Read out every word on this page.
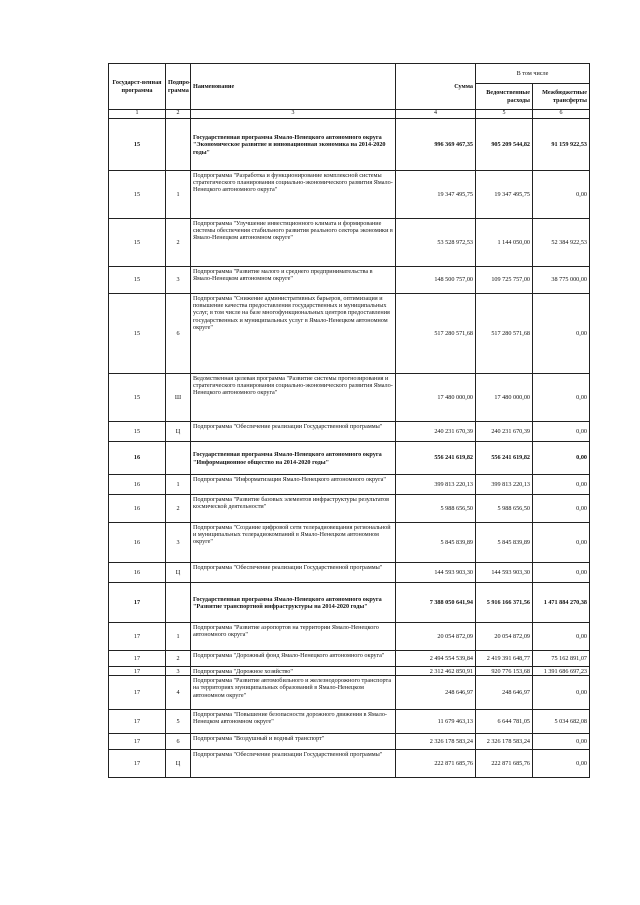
Государст-венная программа	Подпро-грамма	Наименование	Сумма	В том числе	
				Ведомственные расходы	Межбюджетные трансферты
1	2	3	4	5	6
15		Государственная программа Ямало-Ненецкого автономного округа "Экономическое развитие и инновационная экономика на 2014-2020 годы"	996 369 467,35	905 209 544,82	91 159 922,53
15	1	Подпрограмма "Разработка и функционирование комплексной системы стратегического планирования социально-экономического развития Ямало-Ненецкого автономного округа"	19 347 495,75	19 347 495,75	0,00
15	2	Подпрограмма "Улучшение инвестиционного климата и формирование системы обеспечения стабильного развития реального сектора экономики в Ямало-Ненецком автономном округе"	53 528 972,53	1 144 050,00	52 384 922,53
15	3	Подпрограмма "Развитие малого и среднего предпринимательства в Ямало-Ненецком автономном округе"	148 500 757,00	109 725 757,00	38 775 000,00
15	6	Подпрограмма "Снижение административных барьеров, оптимизация и повышение качества предоставления государственных и муниципальных услуг, в том числе на базе многофункциональных центров предоставления государственных и муниципальных услуг в Ямало-Ненецком автономном округе"	517 280 571,68	517 280 571,68	0,00
15	Ш	Ведомственная целевая программа "Развитие системы прогнозирования и стратегического планирования социально-экономического развития Ямало-Ненецкого автономного округа"	17 480 000,00	17 480 000,00	0,00
15	Ц	Подпрограмма "Обеспечение реализации Государственной программы"	240 231 670,39	240 231 670,39	0,00
16		Государственная программа Ямало-Ненецкого автономного округа "Информационное общество на 2014-2020 годы"	556 241 619,82	556 241 619,82	0,00
16	1	Подпрограмма "Информатизация Ямало-Ненецкого автономного округа"	399 813 220,13	399 813 220,13	0,00
16	2	Подпрограмма "Развитие базовых элементов инфраструктуры результатов космической деятельности"	5 988 656,50	5 988 656,50	0,00
16	3	Подпрограмма "Создание цифровой сети телерадиовещания региональной и муниципальных телерадиокомпаний в Ямало-Ненецком автономном округе"	5 845 839,89	5 845 839,89	0,00
16	Ц	Подпрограмма "Обеспечение реализации Государственной программы"	144 593 903,30	144 593 903,30	0,00
17		Государственная программа Ямало-Ненецкого автономного округа "Развитие транспортной инфраструктуры на 2014-2020 годы"	7 388 050 641,94	5 916 166 371,56	1 471 884 270,38
17	1	Подпрограмма "Развитие аэропортов на территории Ямало-Ненецкого автономного округа"	20 054 872,09	20 054 872,09	0,00
17	2	Подпрограмма "Дорожный фонд Ямало-Ненецкого автономного округа"	2 494 554 539,84	2 419 391 648,77	75 162 891,07
17	3	Подпрограмма "Дорожное хозяйство"	2 312 462 850,91	920 776 153,68	1 391 686 697,23
17	4	Подпрограмма "Развитие автомобильного и железнодорожного транспорта на территориях муниципальных образований в Ямало-Ненецком автономном округе"	248 646,97	248 646,97	0,00
17	5	Подпрограмма "Повышение безопасности дорожного движения в Ямало-Ненецком автономном округе"	11 679 463,13	6 644 781,05	5 034 682,08
17	6	Подпрограмма "Воздушный и водный транспорт"	2 326 178 583,24	2 326 178 583,24	0,00
17	Ц	Подпрограмма "Обеспечение реализации Государственной программы"	222 871 685,76	222 871 685,76	0,00
